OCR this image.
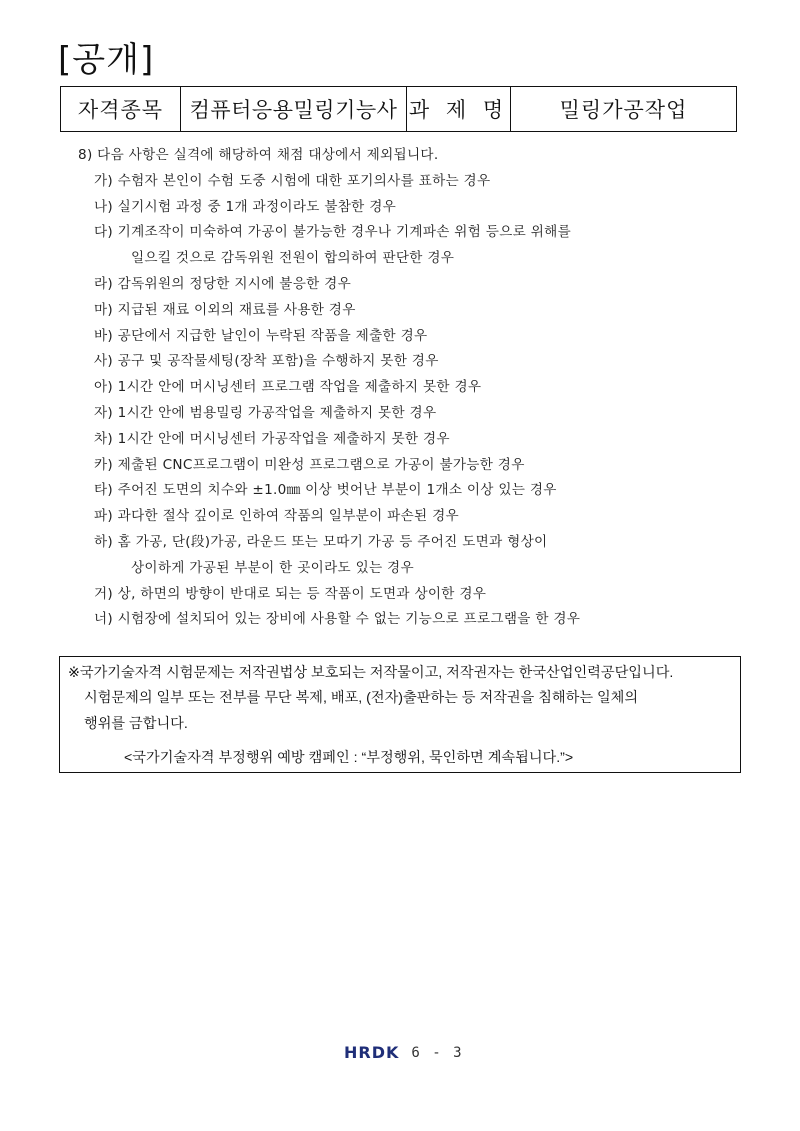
[공개]
자격종목	컴퓨터응용밀링기능사 과 제 명	밀링가공작업
8) 다음 사항은 실격에 해당하여 채점 대상에서 제외됩니다.
가) 수험자 본인이 수험 도중 시험에 대한 포기의사를 표하는 경우
나) 실기시험 과정 중 1개 과정이라도 불참한 경우
다) 기계조작이 미숙하여 가공이 불가능한 경우나 기계파손 위험 등으로 위해를
일으킬 것으로 감독위원 전원이 합의하여 판단한 경우
라) 감독위원의 정당한 지시에 불응한 경우
마) 지급된 재료 이외의 재료를 사용한 경우
바) 공단에서 지급한 날인이 누락된 작품을 제출한 경우
사) 공구 및 공작물세팅(장착 포함)을 수행하지 못한 경우
아) 1시간 안에 머시닝센터 프로그램 작업을 제출하지 못한 경우
자) 1시간 안에 범용밀링 가공작업을 제출하지 못한 경우
차) 1시간 안에 머시닝센터 가공작업을 제출하지 못한 경우
카) 제출된 CNC프로그램이 미완성 프로그램으로 가공이 불가능한 경우
타) 주어진 도면의 치수와 ±1.0㎜ 이상 벗어난 부분이 1개소 이상 있는 경우
파) 과다한 절삭 깊이로 인하여 작품의 일부분이 파손된 경우
하) 홈 가공, 단(段)가공, 라운드 또는 모따기 가공 등 주어진 도면과 형상이
상이하게 가공된 부분이 한 곳이라도 있는 경우
거) 상, 하면의 방향이 반대로 되는 등 작품이 도면과 상이한 경우
너) 시험장에 설치되어 있는 장비에 사용할 수 없는 기능으로 프로그램을 한 경우
※국가기술자격 시험문제는 저작권법상 보호되는 저작물이고, 저작권자는 한국산업인력공단입니다.
시험문제의 일부 또는 전부를 무단 복제, 배포, (전자)출판하는 등 저작권을 침해하는 일체의
행위를 금합니다.
<국가기술자격 부정행위 예방 캠페인 : “부정행위, 묵인하면 계속됩니다.”>
HRDK 6 - 3
